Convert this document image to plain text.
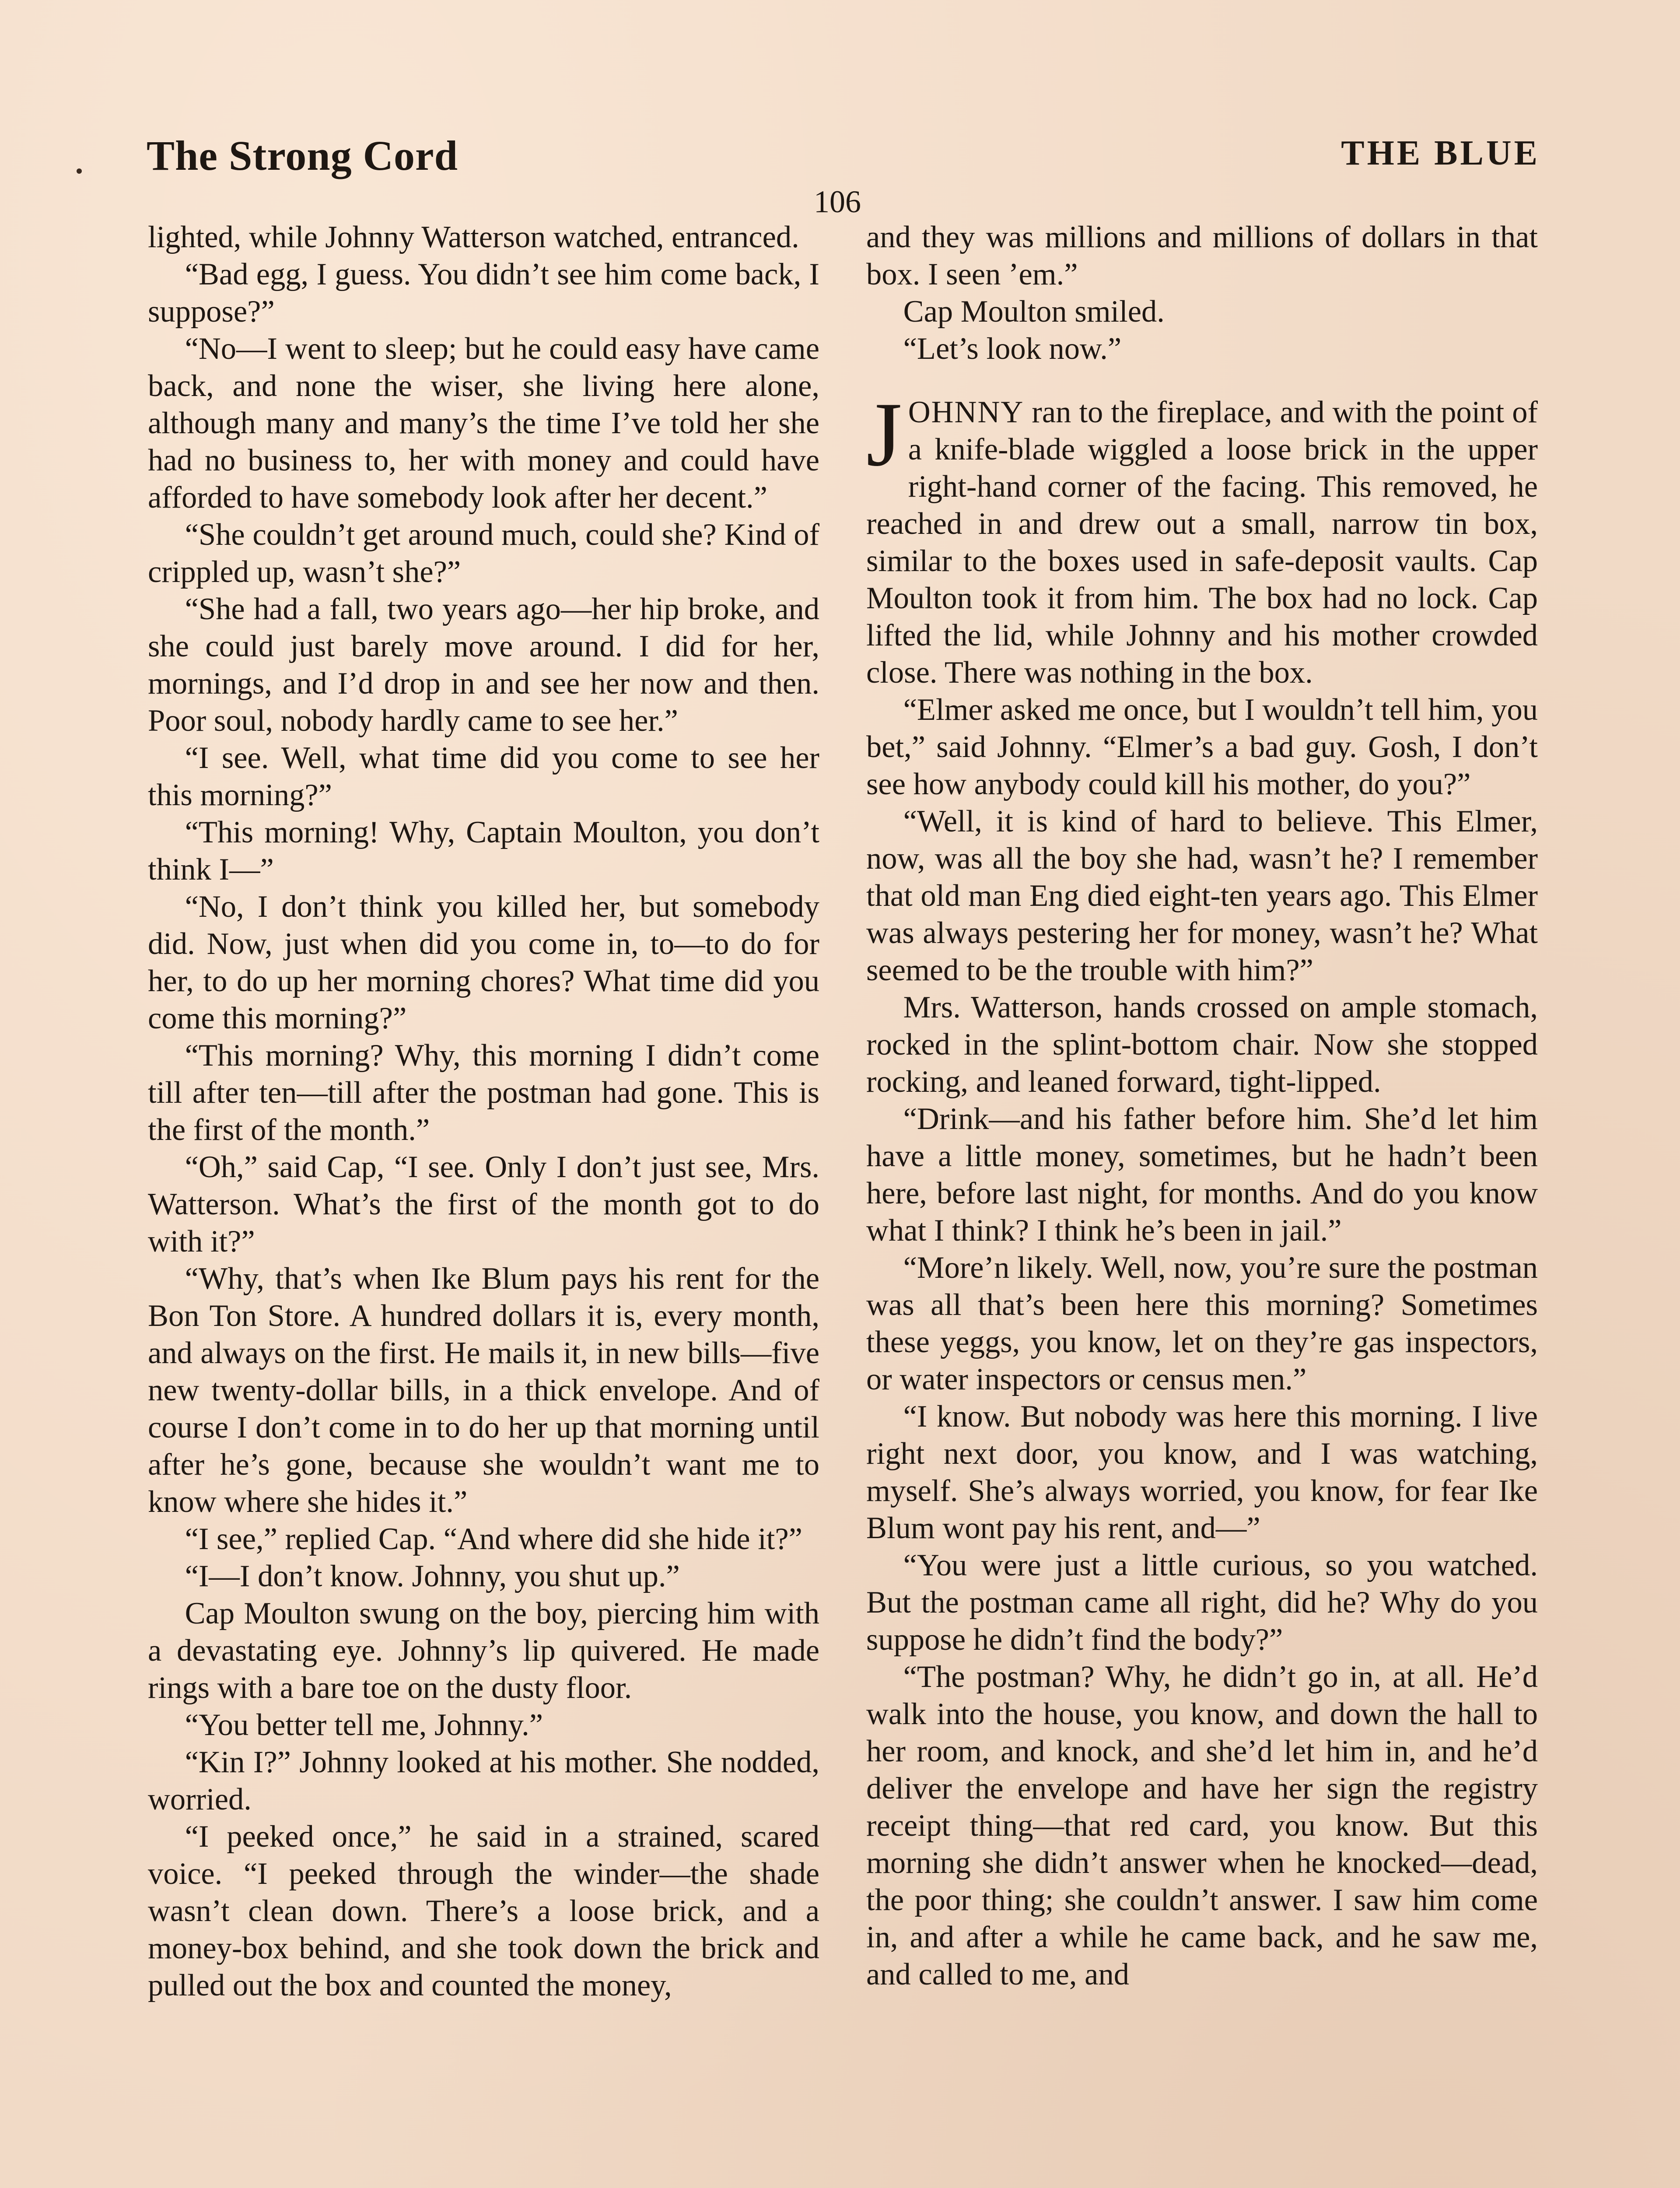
The Strong Cord	THE BLUE
106

lighted, while Johnny Watterson watched, entranced.

“Bad egg, I guess. You didn’t see him come back, I suppose?”

“No—I went to sleep; but he could easy have came back, and none the wiser, she living here alone, although many and many’s the time I’ve told her she had no business to, her with money and could have afforded to have somebody look after her decent.”

“She couldn’t get around much, could she? Kind of crippled up, wasn’t she?”

“She had a fall, two years ago—her hip broke, and she could just barely move around. I did for her, mornings, and I’d drop in and see her now and then. Poor soul, nobody hardly came to see her.”

“I see. Well, what time did you come to see her this morning?”

“This morning! Why, Captain Moulton, you don’t think I—”

“No, I don’t think you killed her, but somebody did. Now, just when did you come in, to—to do for her, to do up her morning chores? What time did you come this morning?”

“This morning? Why, this morning I didn’t come till after ten—till after the postman had gone. This is the first of the month.”

“Oh,” said Cap, “I see. Only I don’t just see, Mrs. Watterson. What’s the first of the month got to do with it?”

“Why, that’s when Ike Blum pays his rent for the Bon Ton Store. A hundred dollars it is, every month, and always on the first. He mails it, in new bills—five new twenty-dollar bills, in a thick envelope. And of course I don’t come in to do her up that morning until after he’s gone, because she wouldn’t want me to know where she hides it.”

“I see,” replied Cap. “And where did she hide it?”

“I—I don’t know. Johnny, you shut up.”

Cap Moulton swung on the boy, piercing him with a devastating eye. Johnny’s lip quivered. He made rings with a bare toe on the dusty floor.

“You better tell me, Johnny.”

“Kin I?” Johnny looked at his mother. She nodded, worried.

“I peeked once,” he said in a strained, scared voice. “I peeked through the winder—the shade wasn’t clean down. There’s a loose brick, and a money-box behind, and she took down the brick and pulled out the box and counted the money,

and they was millions and millions of dollars in that box. I seen ’em.”

Cap Moulton smiled.

“Let’s look now.”

JOHNNY ran to the fireplace, and with the point of a knife-blade wiggled a loose brick in the upper right-hand corner of the facing. This removed, he reached in and drew out a small, narrow tin box, similar to the boxes used in safe-deposit vaults. Cap Moulton took it from him. The box had no lock. Cap lifted the lid, while Johnny and his mother crowded close. There was nothing in the box.

“Elmer asked me once, but I wouldn’t tell him, you bet,” said Johnny. “Elmer’s a bad guy. Gosh, I don’t see how anybody could kill his mother, do you?”

“Well, it is kind of hard to believe. This Elmer, now, was all the boy she had, wasn’t he? I remember that old man Eng died eight-ten years ago. This Elmer was always pestering her for money, wasn’t he? What seemed to be the trouble with him?”

Mrs. Watterson, hands crossed on ample stomach, rocked in the splint-bottom chair. Now she stopped rocking, and leaned forward, tight-lipped.

“Drink—and his father before him. She’d let him have a little money, sometimes, but he hadn’t been here, before last night, for months. And do you know what I think? I think he’s been in jail.”

“More’n likely. Well, now, you’re sure the postman was all that’s been here this morning? Sometimes these yeggs, you know, let on they’re gas inspectors, or water inspectors or census men.”

“I know. But nobody was here this morning. I live right next door, you know, and I was watching, myself. She’s always worried, you know, for fear Ike Blum wont pay his rent, and—”

“You were just a little curious, so you watched. But the postman came all right, did he? Why do you suppose he didn’t find the body?”

“The postman? Why, he didn’t go in, at all. He’d walk into the house, you know, and down the hall to her room, and knock, and she’d let him in, and he’d deliver the envelope and have her sign the registry receipt thing—that red card, you know. But this morning she didn’t answer when he knocked—dead, the poor thing; she couldn’t answer. I saw him come in, and after a while he came back, and he saw me, and called to me, and
